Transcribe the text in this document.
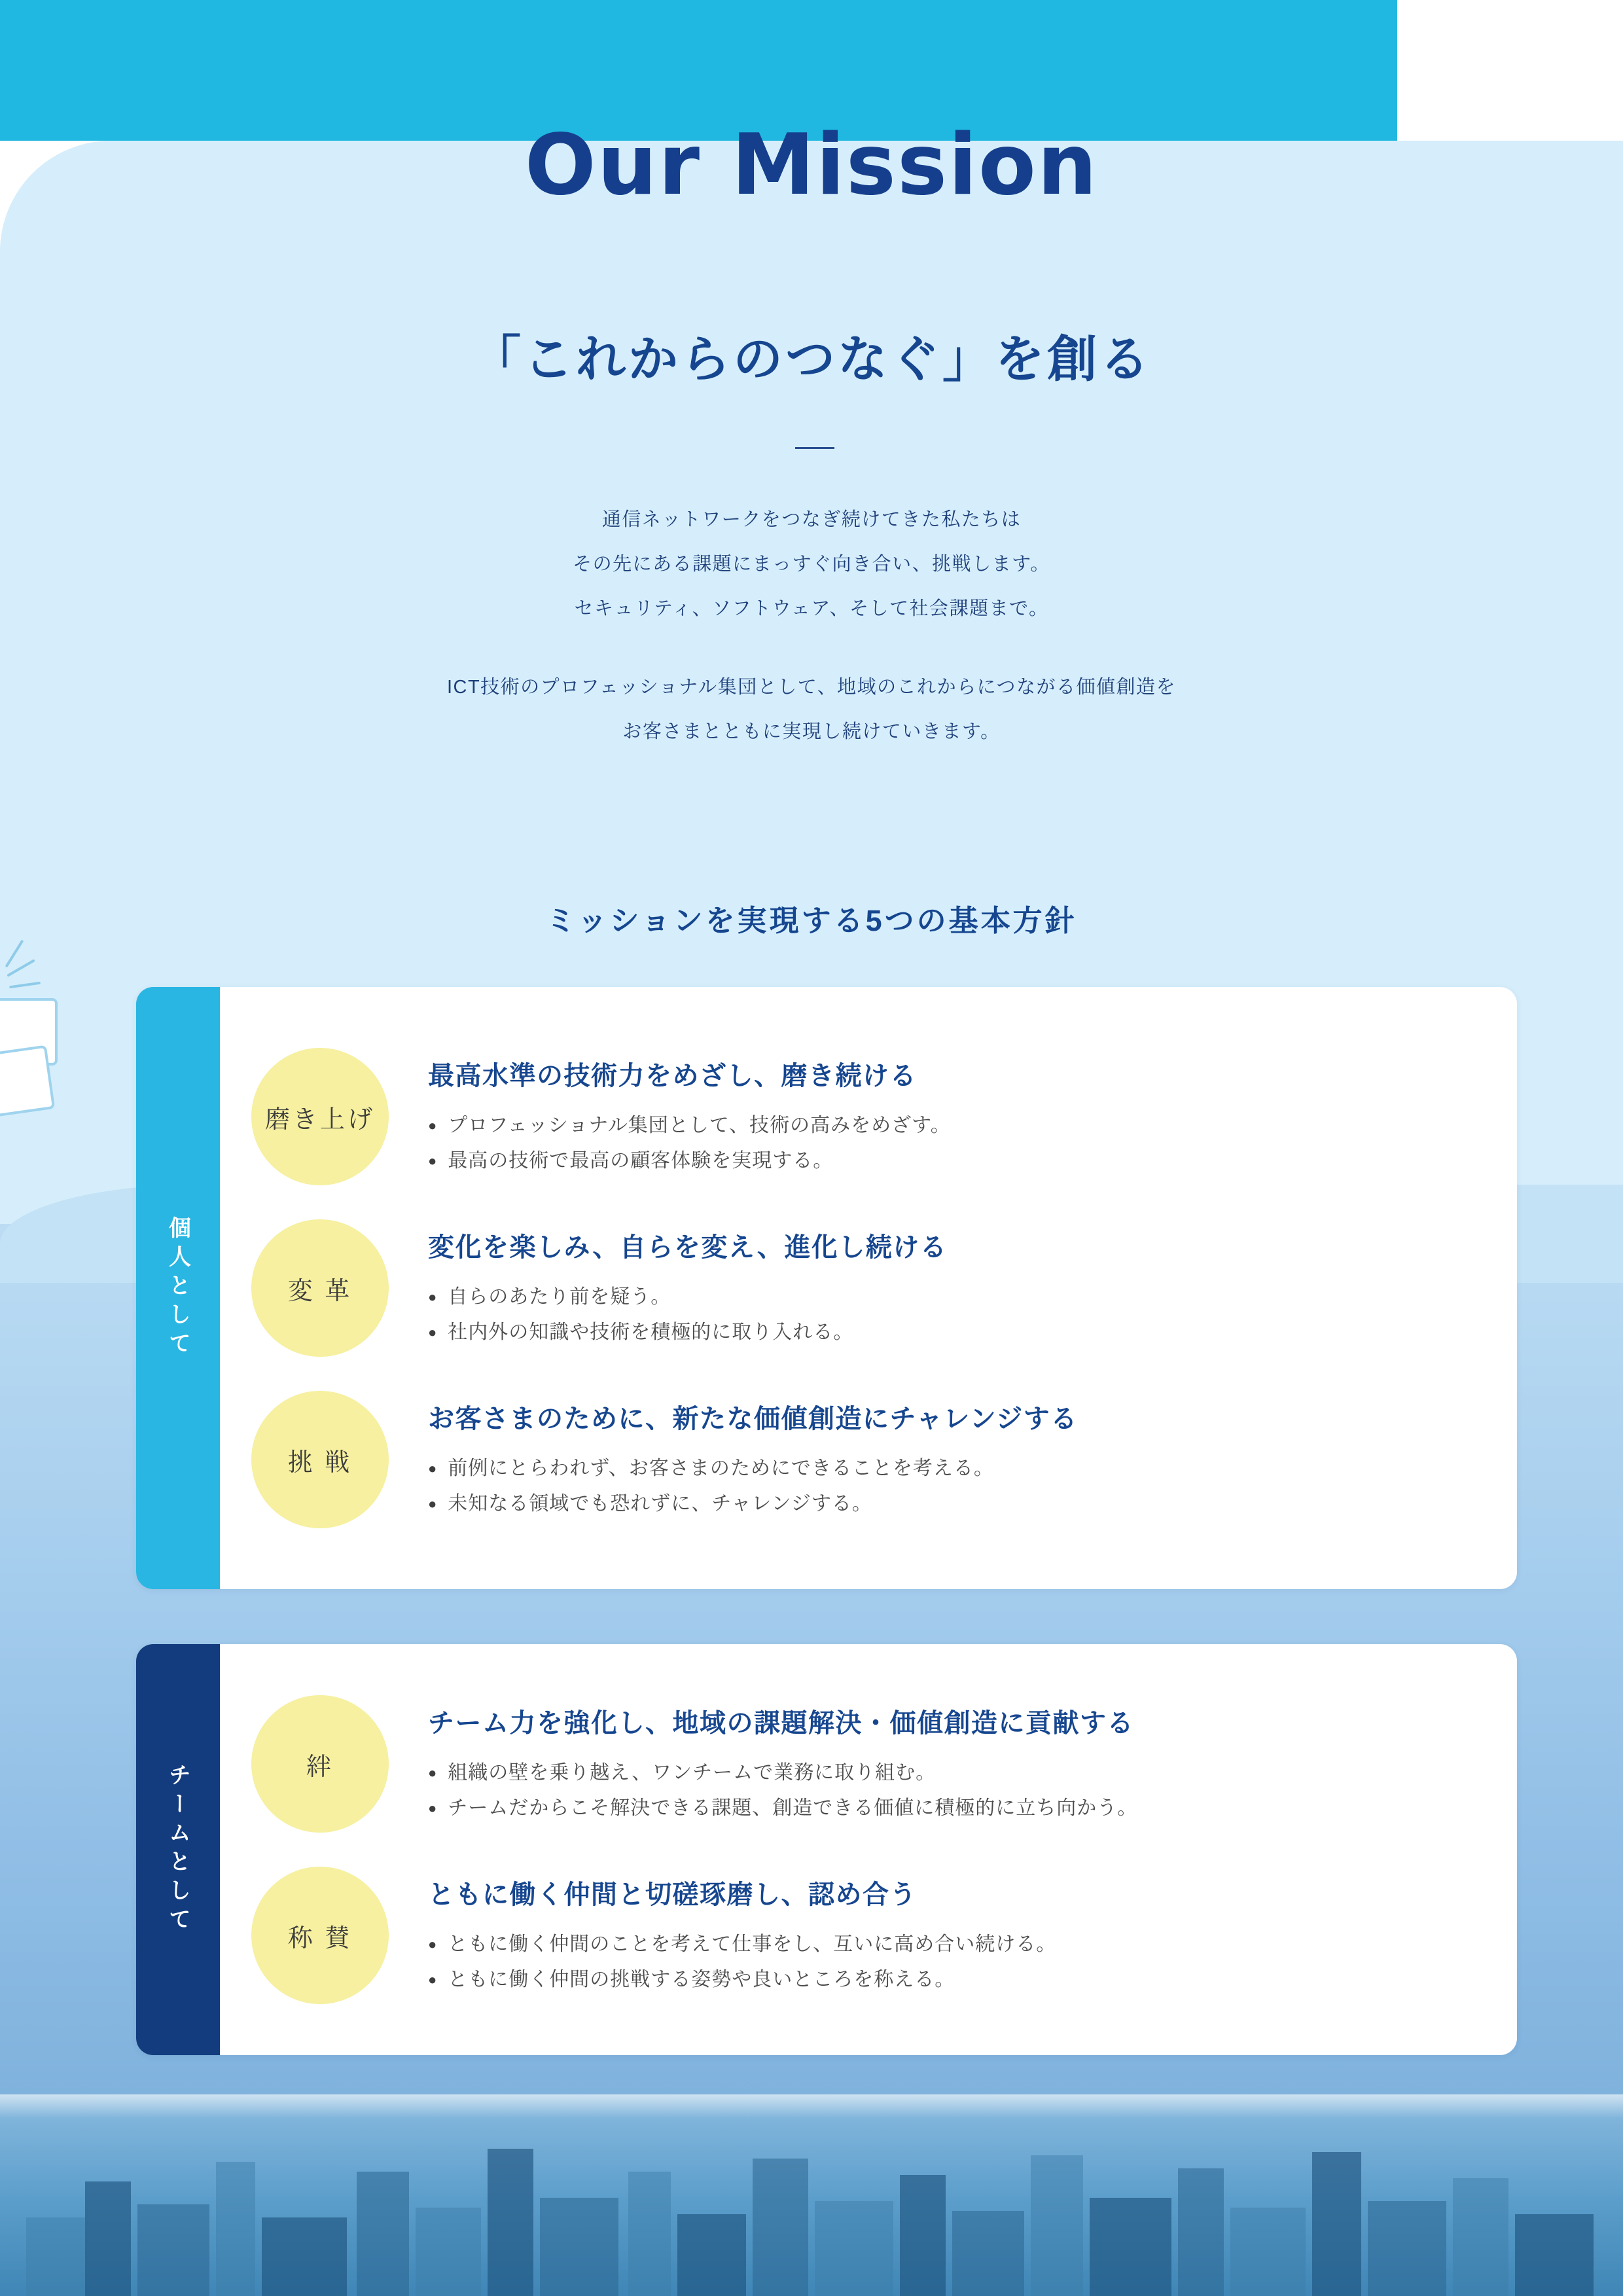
Our Mission
「これからのつなぐ」を創る
通信ネットワークをつなぎ続けてきた私たちは
その先にある課題にまっすぐ向き合い、挑戦します。
セキュリティ、ソフトウェア、そして社会課題まで。
ICT技術のプロフェッショナル集団として、地域のこれからにつながる価値創造を
お客さまとともに実現し続けていきます。
ミッションを実現する5つの基本方針
個人として
磨き上げ
最高水準の技術力をめざし、磨き続ける
● プロフェッショナル集団として、技術の高みをめざす。
● 最高の技術で最高の顧客体験を実現する。
変 革
変化を楽しみ、自らを変え、進化し続ける
● 自らのあたり前を疑う。
● 社内外の知識や技術を積極的に取り入れる。
挑 戦
お客さまのために、新たな価値創造にチャレンジする
● 前例にとらわれず、お客さまのためにできることを考える。
● 未知なる領域でも恐れずに、チャレンジする。
チームとして	絆
チーム力を強化し、地域の課題解決・価値創造に貢献する
● 組織の壁を乗り越え、ワンチームで業務に取り組む。
● チームだからこそ解決できる課題、創造できる価値に積極的に立ち向かう。
称 賛
ともに働く仲間と切磋琢磨し、認め合う
● ともに働く仲間のことを考えて仕事をし、互いに高め合い続ける。
● ともに働く仲間の挑戦する姿勢や良いところを称える。
